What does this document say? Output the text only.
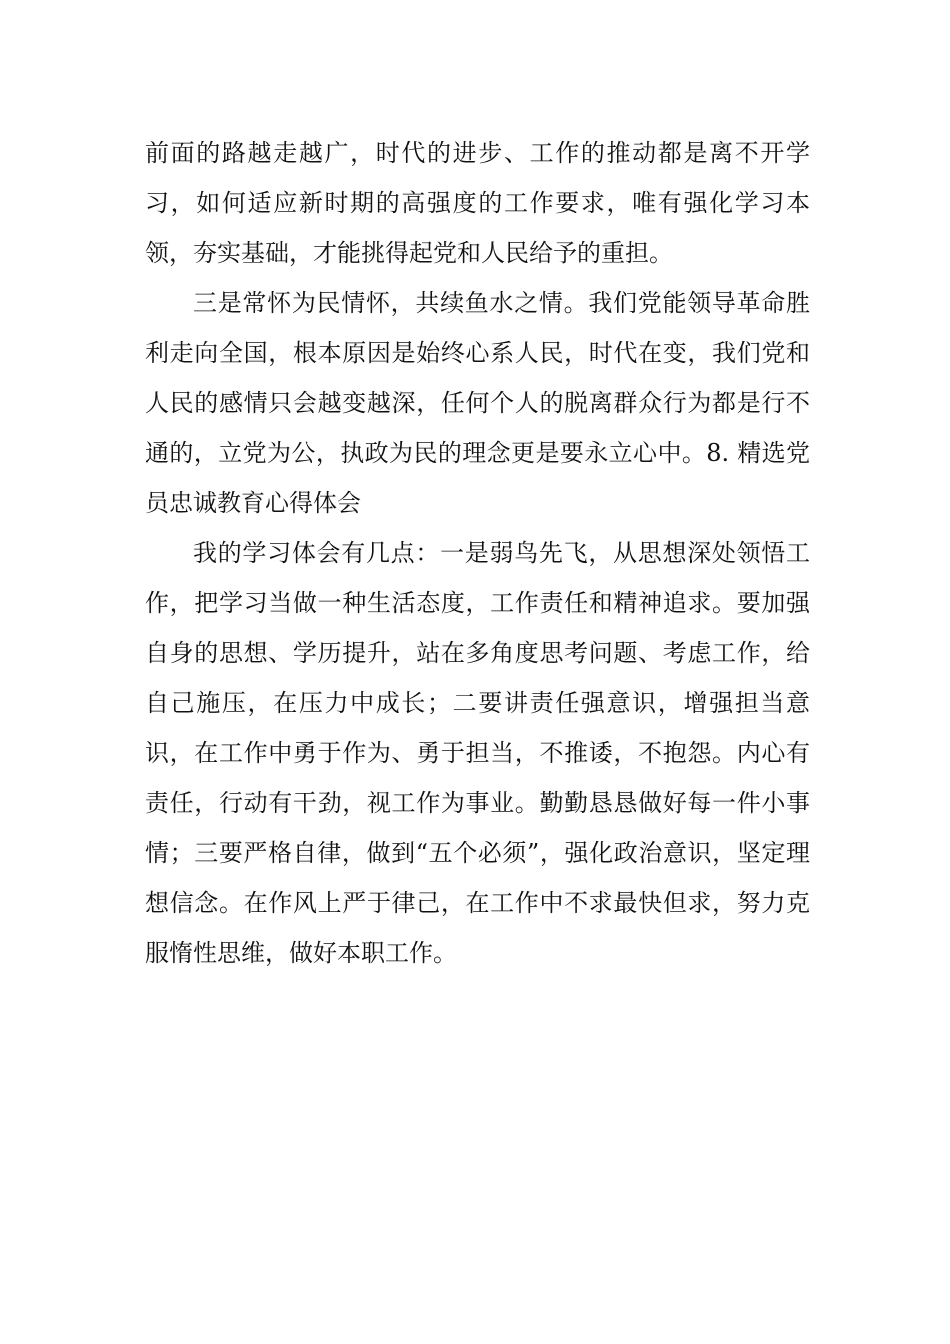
前面的路越走越广，时代的进步、工作的推动都是离不开学习，如何适应新时期的高强度的工作要求，唯有强化学习本领，夯实基础，才能挑得起党和人民给予的重担。

三是常怀为民情怀，共续鱼水之情。我们党能领导革命胜利走向全国，根本原因是始终心系人民，时代在变，我们党和人民的感情只会越变越深，任何个人的脱离群众行为都是行不通的，立党为公，执政为民的理念更是要永立心中。8. 精选党员忠诚教育心得体会

我的学习体会有几点：一是弱鸟先飞，从思想深处领悟工作，把学习当做一种生活态度，工作责任和精神追求。要加强自身的思想、学历提升，站在多角度思考问题、考虑工作，给自己施压，在压力中成长；二要讲责任强意识，增强担当意识，在工作中勇于作为、勇于担当，不推诿，不抱怨。内心有责任，行动有干劲，视工作为事业。勤勤恳恳做好每一件小事情；三要严格自律，做到“五个必须”，强化政治意识，坚定理想信念。在作风上严于律己，在工作中不求最快但求，努力克服惰性思维，做好本职工作。
